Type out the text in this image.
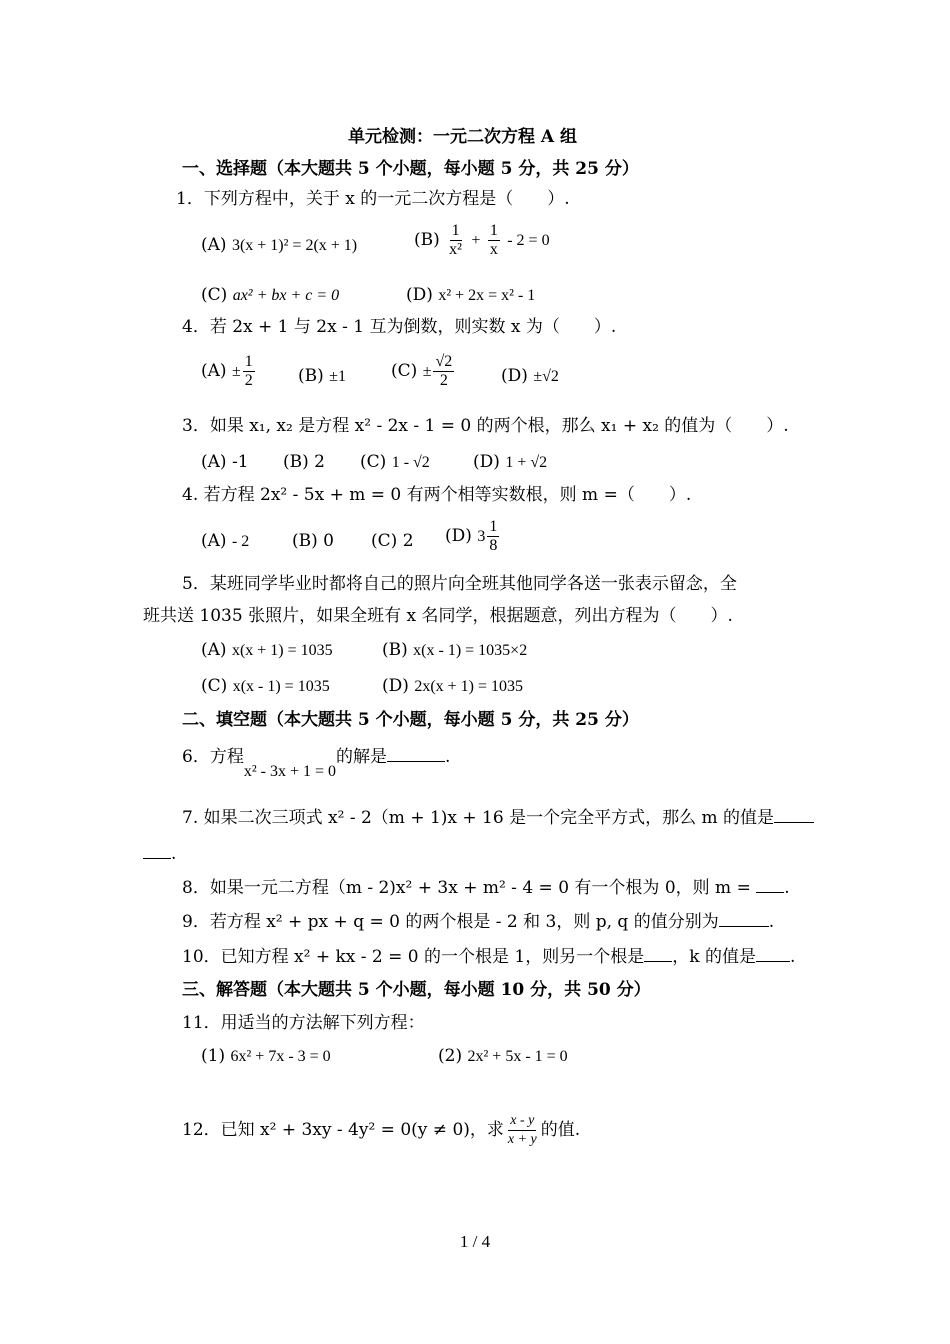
单元检测：一元二次方程 A 组
一、选择题（本大题共 5 个小题，每小题 5 分，共 25 分）
1．下列方程中，关于 x 的一元二次方程是（　　）.
(A) 3(x + 1)² = 2(x + 1)	$(B) \frac{1}{\text{x²}} + \frac{1}{x} - 2 = 0$
(C) ax² + bx + c = 0	(D) x² + 2x = x² - 1
4．若 2x + 1 与 2x - 1 互为倒数，则实数 x 为（　　）.
$(A) \pm \frac{1}{2}$	(B) ±1	$(C) \pm \frac{√2}{2}$	(D) ±√2
3．如果 x₁, x₂ 是方程 x² - 2x - 1 = 0 的两个根，那么 x₁ + x₂ 的值为（　　）.
(A) -1 (B) 2 (C) 1 - √2	(D) 1 + √2
4. 若方程 2x² - 5x + m = 0 有两个相等实数根，则 m =（　　）.
(A) - 2	(B) 0 (C) 2 (D) $3 \frac{1}{8}$
5．某班同学毕业时都将自己的照片向全班其他同学各送一张表示留念，全
班共送 1035 张照片，如果全班有 x 名同学，根据题意，列出方程为（　　）.
(A) x(x + 1) = 1035	(B) x(x - 1) = 1035×2
(C) x(x - 1) = 1035	(D) 2x(x + 1) = 1035
二、填空题（本大题共 5 个小题，每小题 5 分，共 25 分）
6．方程x² - 3x + 1 = 0的解是	.
7. 如果二次三项式 x² - 2（m + 1)x + 16 是一个完全平方式，那么 m 的值是
.
8．如果一元二方程（m - 2)x² + 3x + m² - 4 = 0 有一个根为 0，则 m = .
9．若方程 x² + px + q = 0 的两个根是 - 2 和 3，则 p, q 的值分别为	.
10．已知方程 x² + kx - 2 = 0 的一个根是 1，则另一个根是 ，k 的值是 .
三、解答题（本大题共 5 个小题，每小题 10 分，共 50 分）
11．用适当的方法解下列方程：
(1) 6x² + 7x - 3 = 0	(2) 2x² + 5x - 1 = 0
12．已知 x² + 3xy - 4y² = 0(y ≠ 0)，求 $\frac{x - y}{x + y}$ 的值.
1 / 4
